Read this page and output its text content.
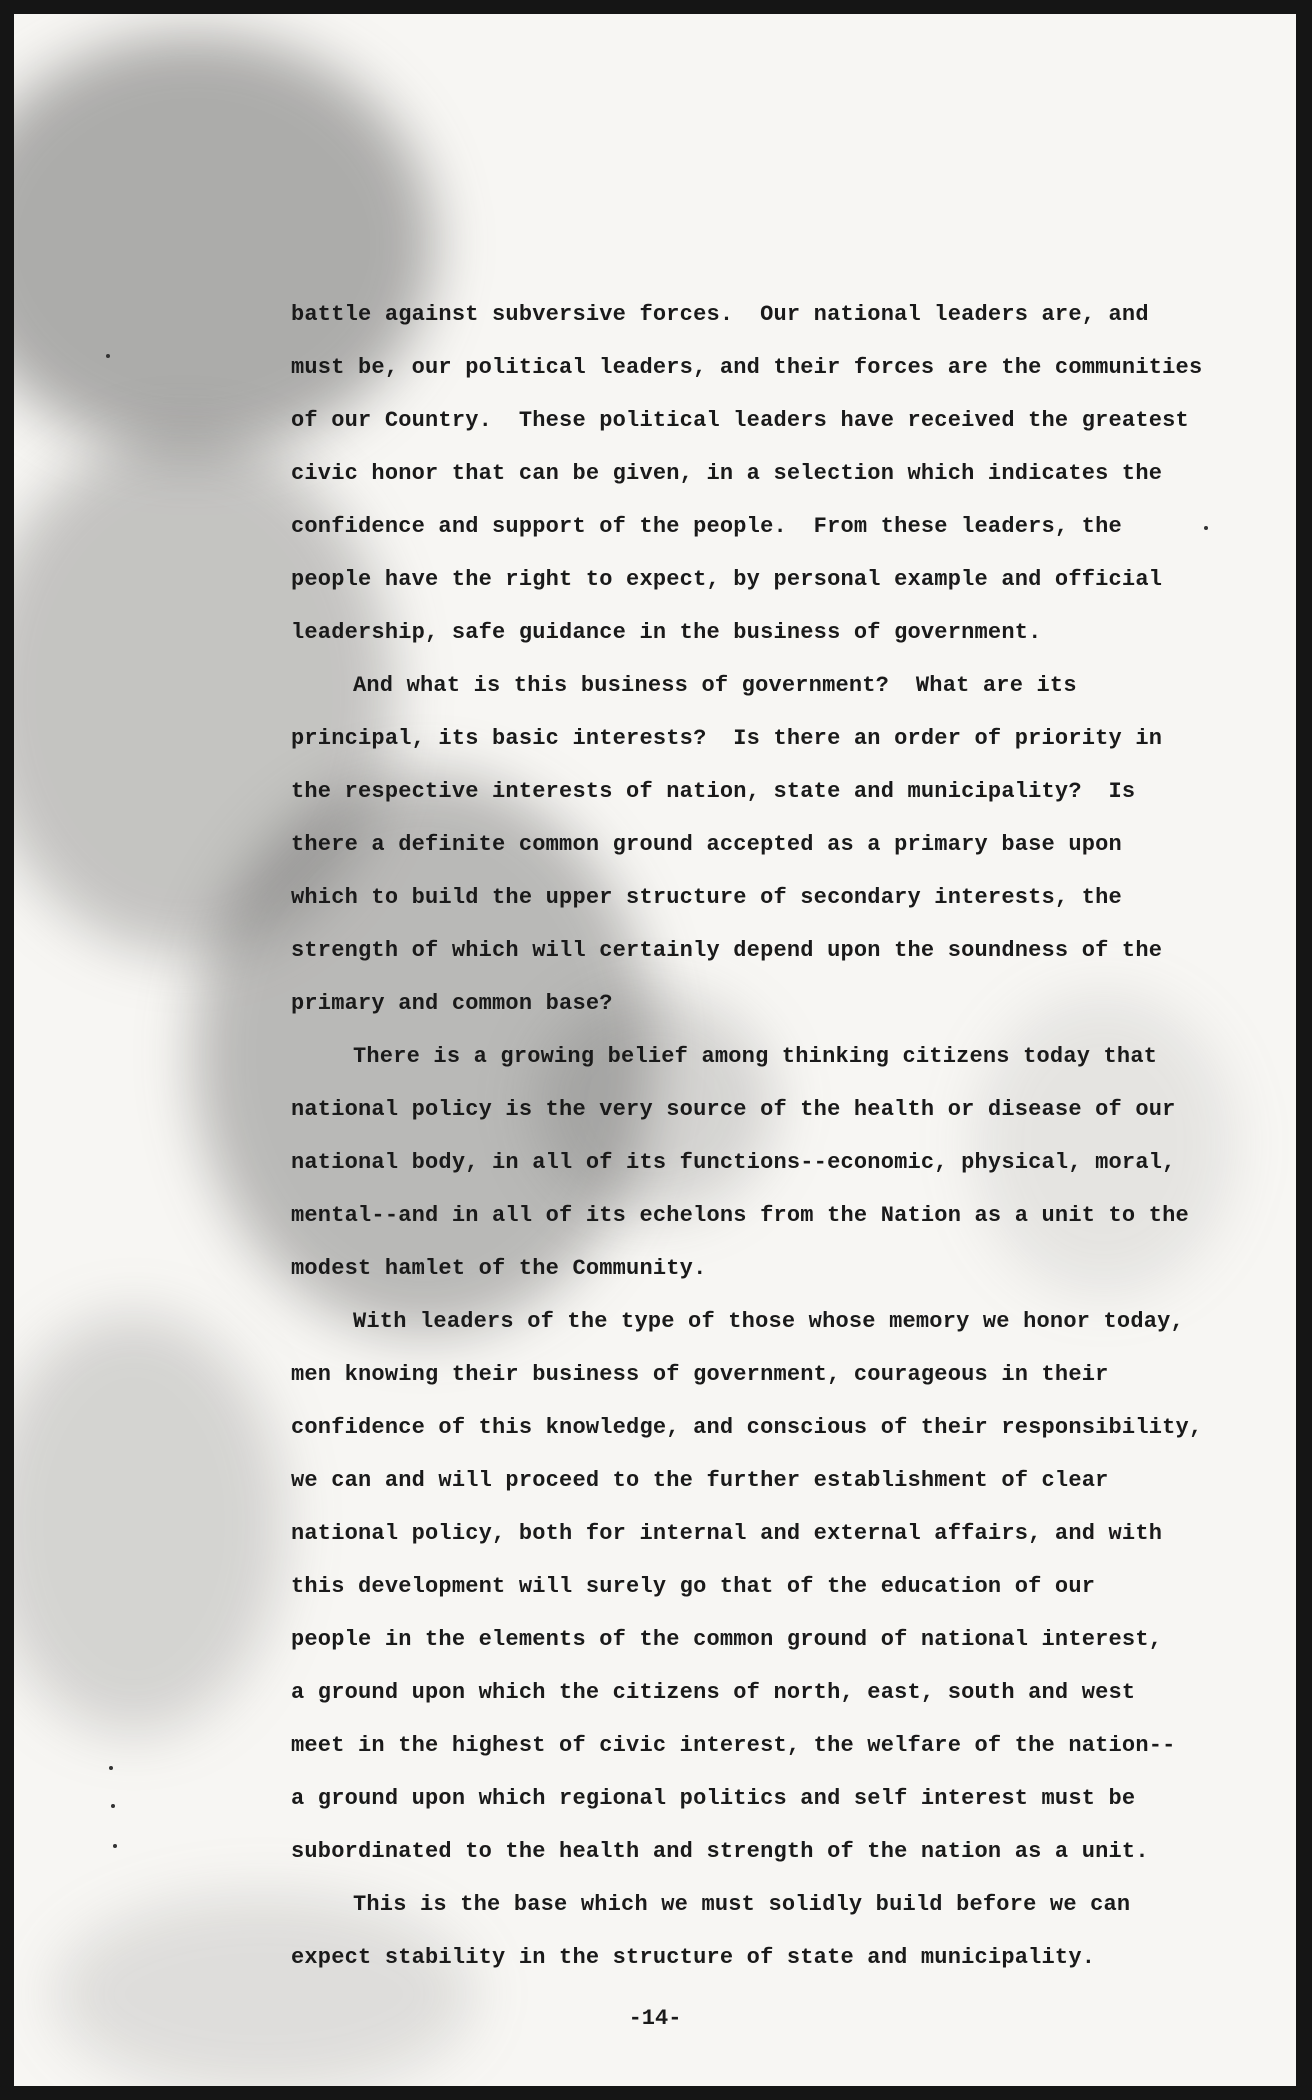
battle against subversive forces.  Our national leaders are, and
must be, our political leaders, and their forces are the communities
of our Country.  These political leaders have received the greatest
civic honor that can be given, in a selection which indicates the
confidence and support of the people.  From these leaders, the
people have the right to expect, by personal example and official
leadership, safe guidance in the business of government.
And what is this business of government?  What are its
principal, its basic interests?  Is there an order of priority in
the respective interests of nation, state and municipality?  Is
there a definite common ground accepted as a primary base upon
which to build the upper structure of secondary interests, the
strength of which will certainly depend upon the soundness of the
primary and common base?
There is a growing belief among thinking citizens today that
national policy is the very source of the health or disease of our
national body, in all of its functions--economic, physical, moral,
mental--and in all of its echelons from the Nation as a unit to the
modest hamlet of the Community.
With leaders of the type of those whose memory we honor today,
men knowing their business of government, courageous in their
confidence of this knowledge, and conscious of their responsibility,
we can and will proceed to the further establishment of clear
national policy, both for internal and external affairs, and with
this development will surely go that of the education of our
people in the elements of the common ground of national interest,
a ground upon which the citizens of north, east, south and west
meet in the highest of civic interest, the welfare of the nation--
a ground upon which regional politics and self interest must be
subordinated to the health and strength of the nation as a unit.
This is the base which we must solidly build before we can
expect stability in the structure of state and municipality.
-14-
